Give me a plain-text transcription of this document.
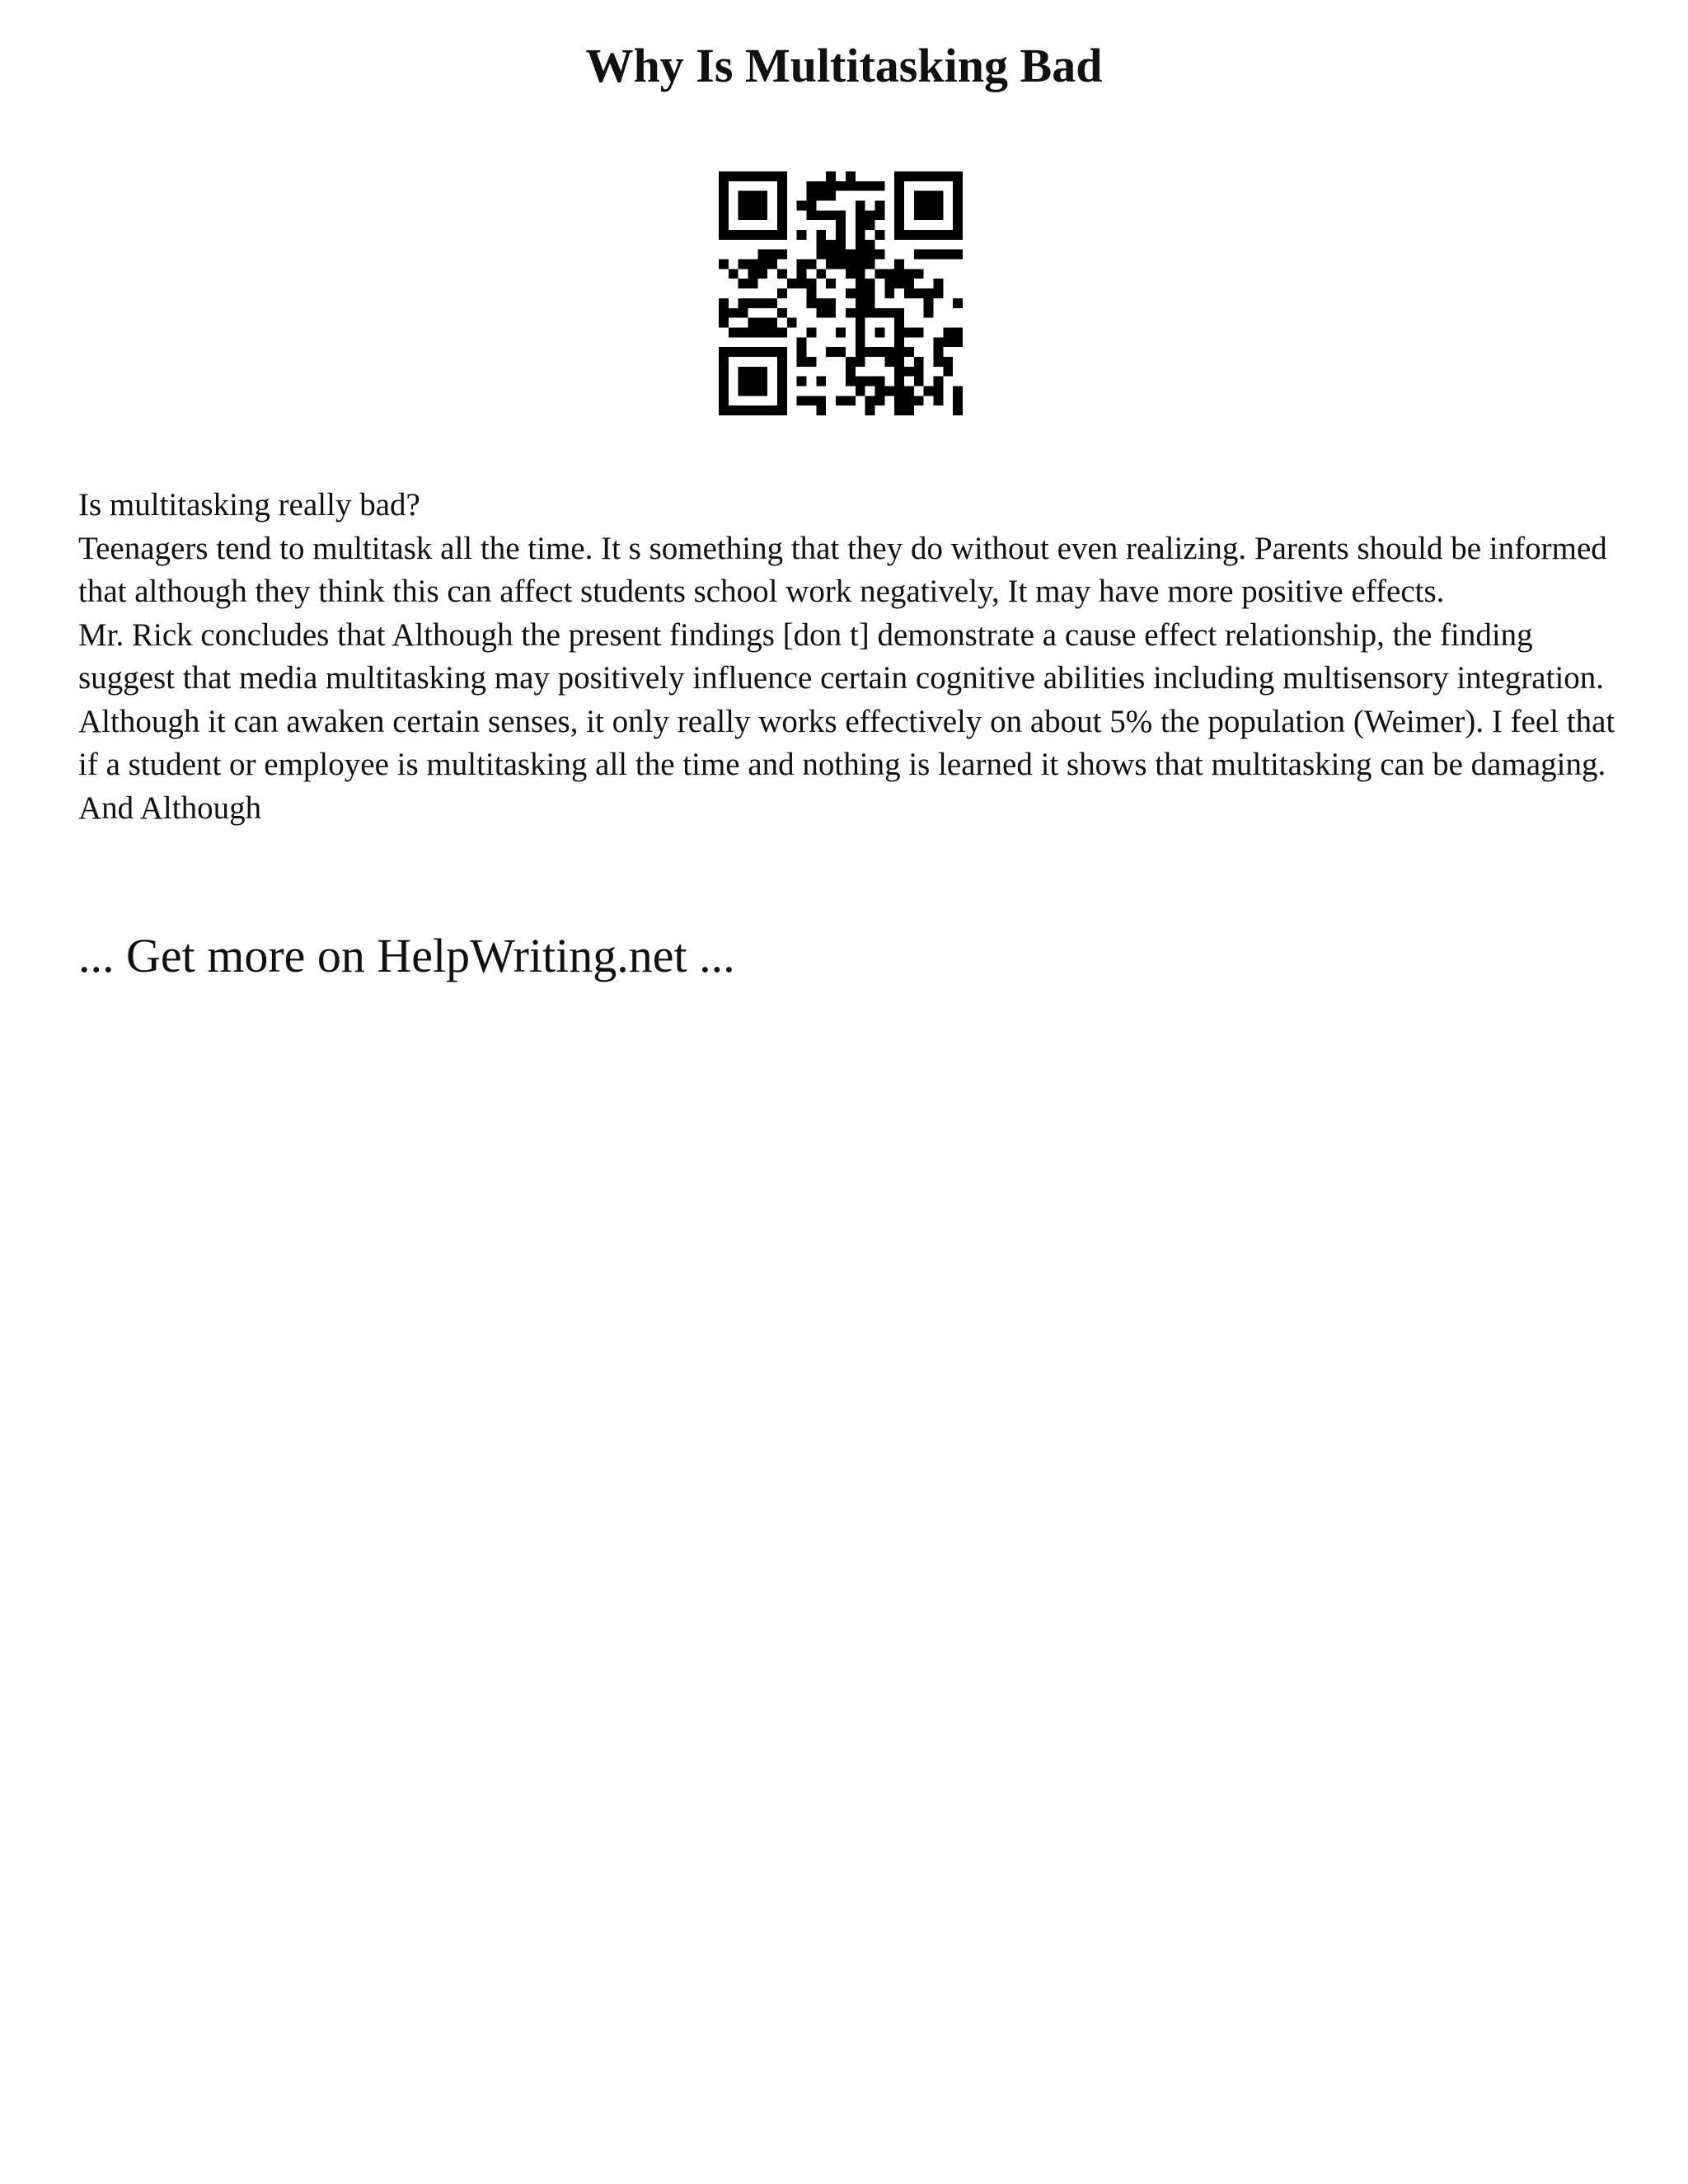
Why Is Multitasking Bad

Is multitasking really bad?

Teenagers tend to multitask all the time. It s something that they do without even realizing. Parents should be informed that although they think this can affect students school work negatively, It may have more positive effects.

Mr. Rick concludes that Although the present findings [don t] demonstrate a cause effect relationship, the finding suggest that media multitasking may positively influence certain cognitive abilities including multisensory integration. Although it can awaken certain senses, it only really works effectively on about 5% the population (Weimer). I feel that if a student or employee is multitasking all the time and nothing is learned it shows that multitasking can be damaging. And Although

... Get more on HelpWriting.net ...
